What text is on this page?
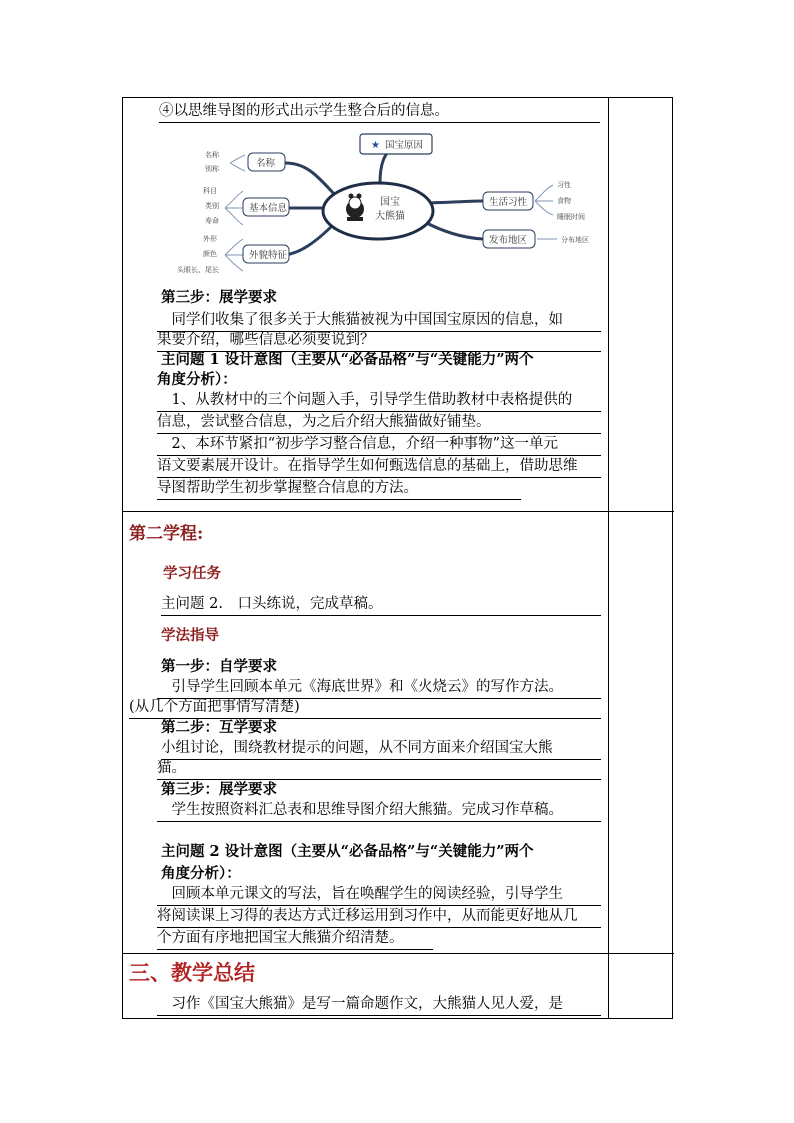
④以思维导图的形式出示学生整合后的信息。
国宝
大熊猫
★ 国宝原因
名称
名称
别称
基本信息
科目
类别
寿命
外貌特征
外形
颜色
头眼长、尾长
生活习性
习性
食物
睡眠时间
发布地区	分布地区
第三步：展学要求
　同学们收集了很多关于大熊猫被视为中国国宝原因的信息，如
果要介绍，哪些信息必须要说到？
主问题 1 设计意图（主要从“必备品格”与“关键能力”两个
角度分析）：
　1、从教材中的三个问题入手，引导学生借助教材中表格提供的
信息，尝试整合信息，为之后介绍大熊猫做好铺垫。
　2、本环节紧扣“初步学习整合信息，介绍一种事物”这一单元
语文要素展开设计。在指导学生如何甄选信息的基础上，借助思维
导图帮助学生初步掌握整合信息的方法。
第二学程:
学习任务
主问题 2.　口头练说，完成草稿。
学法指导
第一步：自学要求
　引导学生回顾本单元《海底世界》和《火烧云》的写作方法。
(从几个方面把事情写清楚)
第二步：互学要求
小组讨论，围绕教材提示的问题，从不同方面来介绍国宝大熊
猫。
第三步：展学要求
　学生按照资料汇总表和思维导图介绍大熊猫。完成习作草稿。
主问题 2 设计意图（主要从“必备品格”与“关键能力”两个
角度分析）：
　回顾本单元课文的写法，旨在唤醒学生的阅读经验，引导学生
将阅读课上习得的表达方式迁移运用到习作中，从而能更好地从几
个方面有序地把国宝大熊猫介绍清楚。
三、教学总结
　习作《国宝大熊猫》是写一篇命题作文，大熊猫人见人爱，是
